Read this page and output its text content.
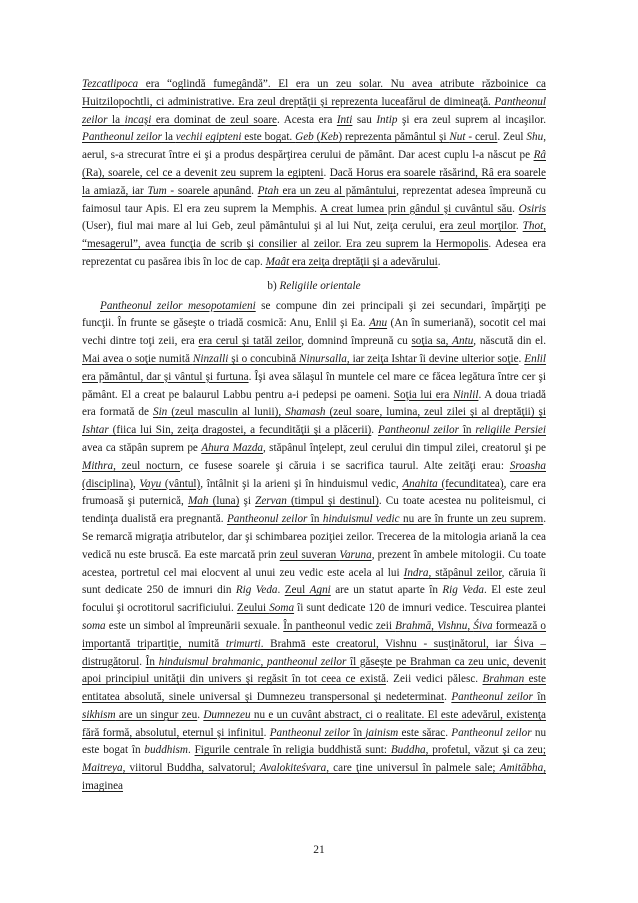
Tezcatlipoca era “oglindă fumegândă”. El era un zeu solar. Nu avea atribute războinice ca Huitzilopochtli, ci administrative. Era zeul dreptăţii şi reprezenta luceafărul de dimineaţă. Pantheonul zeilor la incaşi era dominat de zeul soare. Acesta era Inti sau Intip şi era zeul suprem al incaşilor. Pantheonul zeilor la vechii egipteni este bogat. Geb (Keb) reprezenta pământul şi Nut - cerul. Zeul Shu, aerul, s-a strecurat între ei şi a produs despărţirea cerului de pământ. Dar acest cuplu l-a născut pe Râ (Ra), soarele, cel ce a devenit zeu suprem la egipteni. Dacă Horus era soarele răsărind, Râ era soarele la amiază, iar Tum - soarele apunând. Ptah era un zeu al pământului, reprezentat adesea împreună cu faimosul taur Apis. El era zeu suprem la Memphis. A creat lumea prin gândul şi cuvântul său. Osiris (User), fiul mai mare al lui Geb, zeul pământului şi al lui Nut, zeiţa cerului, era zeul morţilor. Thot, “mesagerul”, avea funcţia de scrib şi consilier al zeilor. Era zeu suprem la Hermopolis. Adesea era reprezentat cu pasărea ibis în loc de cap. Maât era zeiţa dreptăţii şi a adevărului.

b) Religiile orientale

Pantheonul zeilor mesopotamieni se compune din zei principali şi zei secundari, împărţiţi pe funcţii. În frunte se găseşte o triadă cosmică: Anu, Enlil şi Ea. Anu (An în sumeriană), socotit cel mai vechi dintre toţi zeii, era era cerul şi tatăl zeilor, domnind împreună cu soţia sa, Antu, născută din el. Mai avea o soţie numită Ninzalli şi o concubină Ninursalla, iar zeiţa Ishtar îi devine ulterior soţie. Enlil era pământul, dar şi vântul şi furtuna. Îşi avea sălaşul în muntele cel mare ce făcea legătura între cer şi pământ. El a creat pe balaurul Labbu pentru a-i pedepsi pe oameni. Soţia lui era Ninlil. A doua triadă era formată de Sin (zeul masculin al lunii), Shamash (zeul soare, lumina, zeul zilei şi al dreptăţii) şi Ishtar (fiica lui Sin, zeiţa dragostei, a fecundităţii şi a plăcerii). Pantheonul zeilor în religiile Persiei avea ca stăpân suprem pe Ahura Mazda, stăpânul înţelept, zeul cerului din timpul zilei, creatorul şi pe Mithra, zeul nocturn, ce fusese soarele şi căruia i se sacrifica taurul. Alte zeităţi erau: Sroasha (disciplina), Vayu (vântul), întâlnit şi la arieni şi în hinduismul vedic, Anahita (fecunditatea), care era frumoasă şi puternică, Mah (luna) şi Zervan (timpul şi destinul). Cu toate acestea nu politeismul, ci tendinţa dualistă era pregnantă. Pantheonul zeilor în hinduismul vedic nu are în frunte un zeu suprem. Se remarcă migraţia atributelor, dar şi schimbarea poziţiei zeilor. Trecerea de la mitologia ariană la cea vedică nu este bruscă. Ea este marcată prin zeul suveran Varuna, prezent în ambele mitologii. Cu toate acestea, portretul cel mai elocvent al unui zeu vedic este acela al lui Indra, stăpânul zeilor, căruia îi sunt dedicate 250 de imnuri din Rig Veda. Zeul Agni are un statut aparte în Rig Veda. El este zeul focului şi ocrotitorul sacrificiului. Zeului Soma îi sunt dedicate 120 de imnuri vedice. Tescuirea plantei soma este un simbol al împreunării sexuale. În pantheonul vedic zeii Brahmā, Vishnu, Śiva formează o importantă tripartiţie, numită trimurti. Brahmā este creatorul, Vishnu - susţinătorul, iar Śiva – distrugătorul. În hinduismul brahmanic, pantheonul zeilor îl găseşte pe Brahman ca zeu unic, devenit apoi principiul unităţii din univers şi regăsit în tot ceea ce există. Zeii vedici pălesc. Brahman este entitatea absolută, sinele universal şi Dumnezeu transpersonal şi nedeterminat. Pantheonul zeilor în sikhism are un singur zeu. Dumnezeu nu e un cuvânt abstract, ci o realitate. El este adevărul, existenţa fără formă, absolutul, eternul şi infinitul. Pantheonul zeilor în jainism este sărac. Pantheonul zeilor nu este bogat în buddhism. Figurile centrale în religia buddhistă sunt: Buddha, profetul, văzut şi ca zeu; Maitreya, viitorul Buddha, salvatorul; Avalokiteśvara, care ţine universul în palmele sale; Amitābha, imaginea

21
